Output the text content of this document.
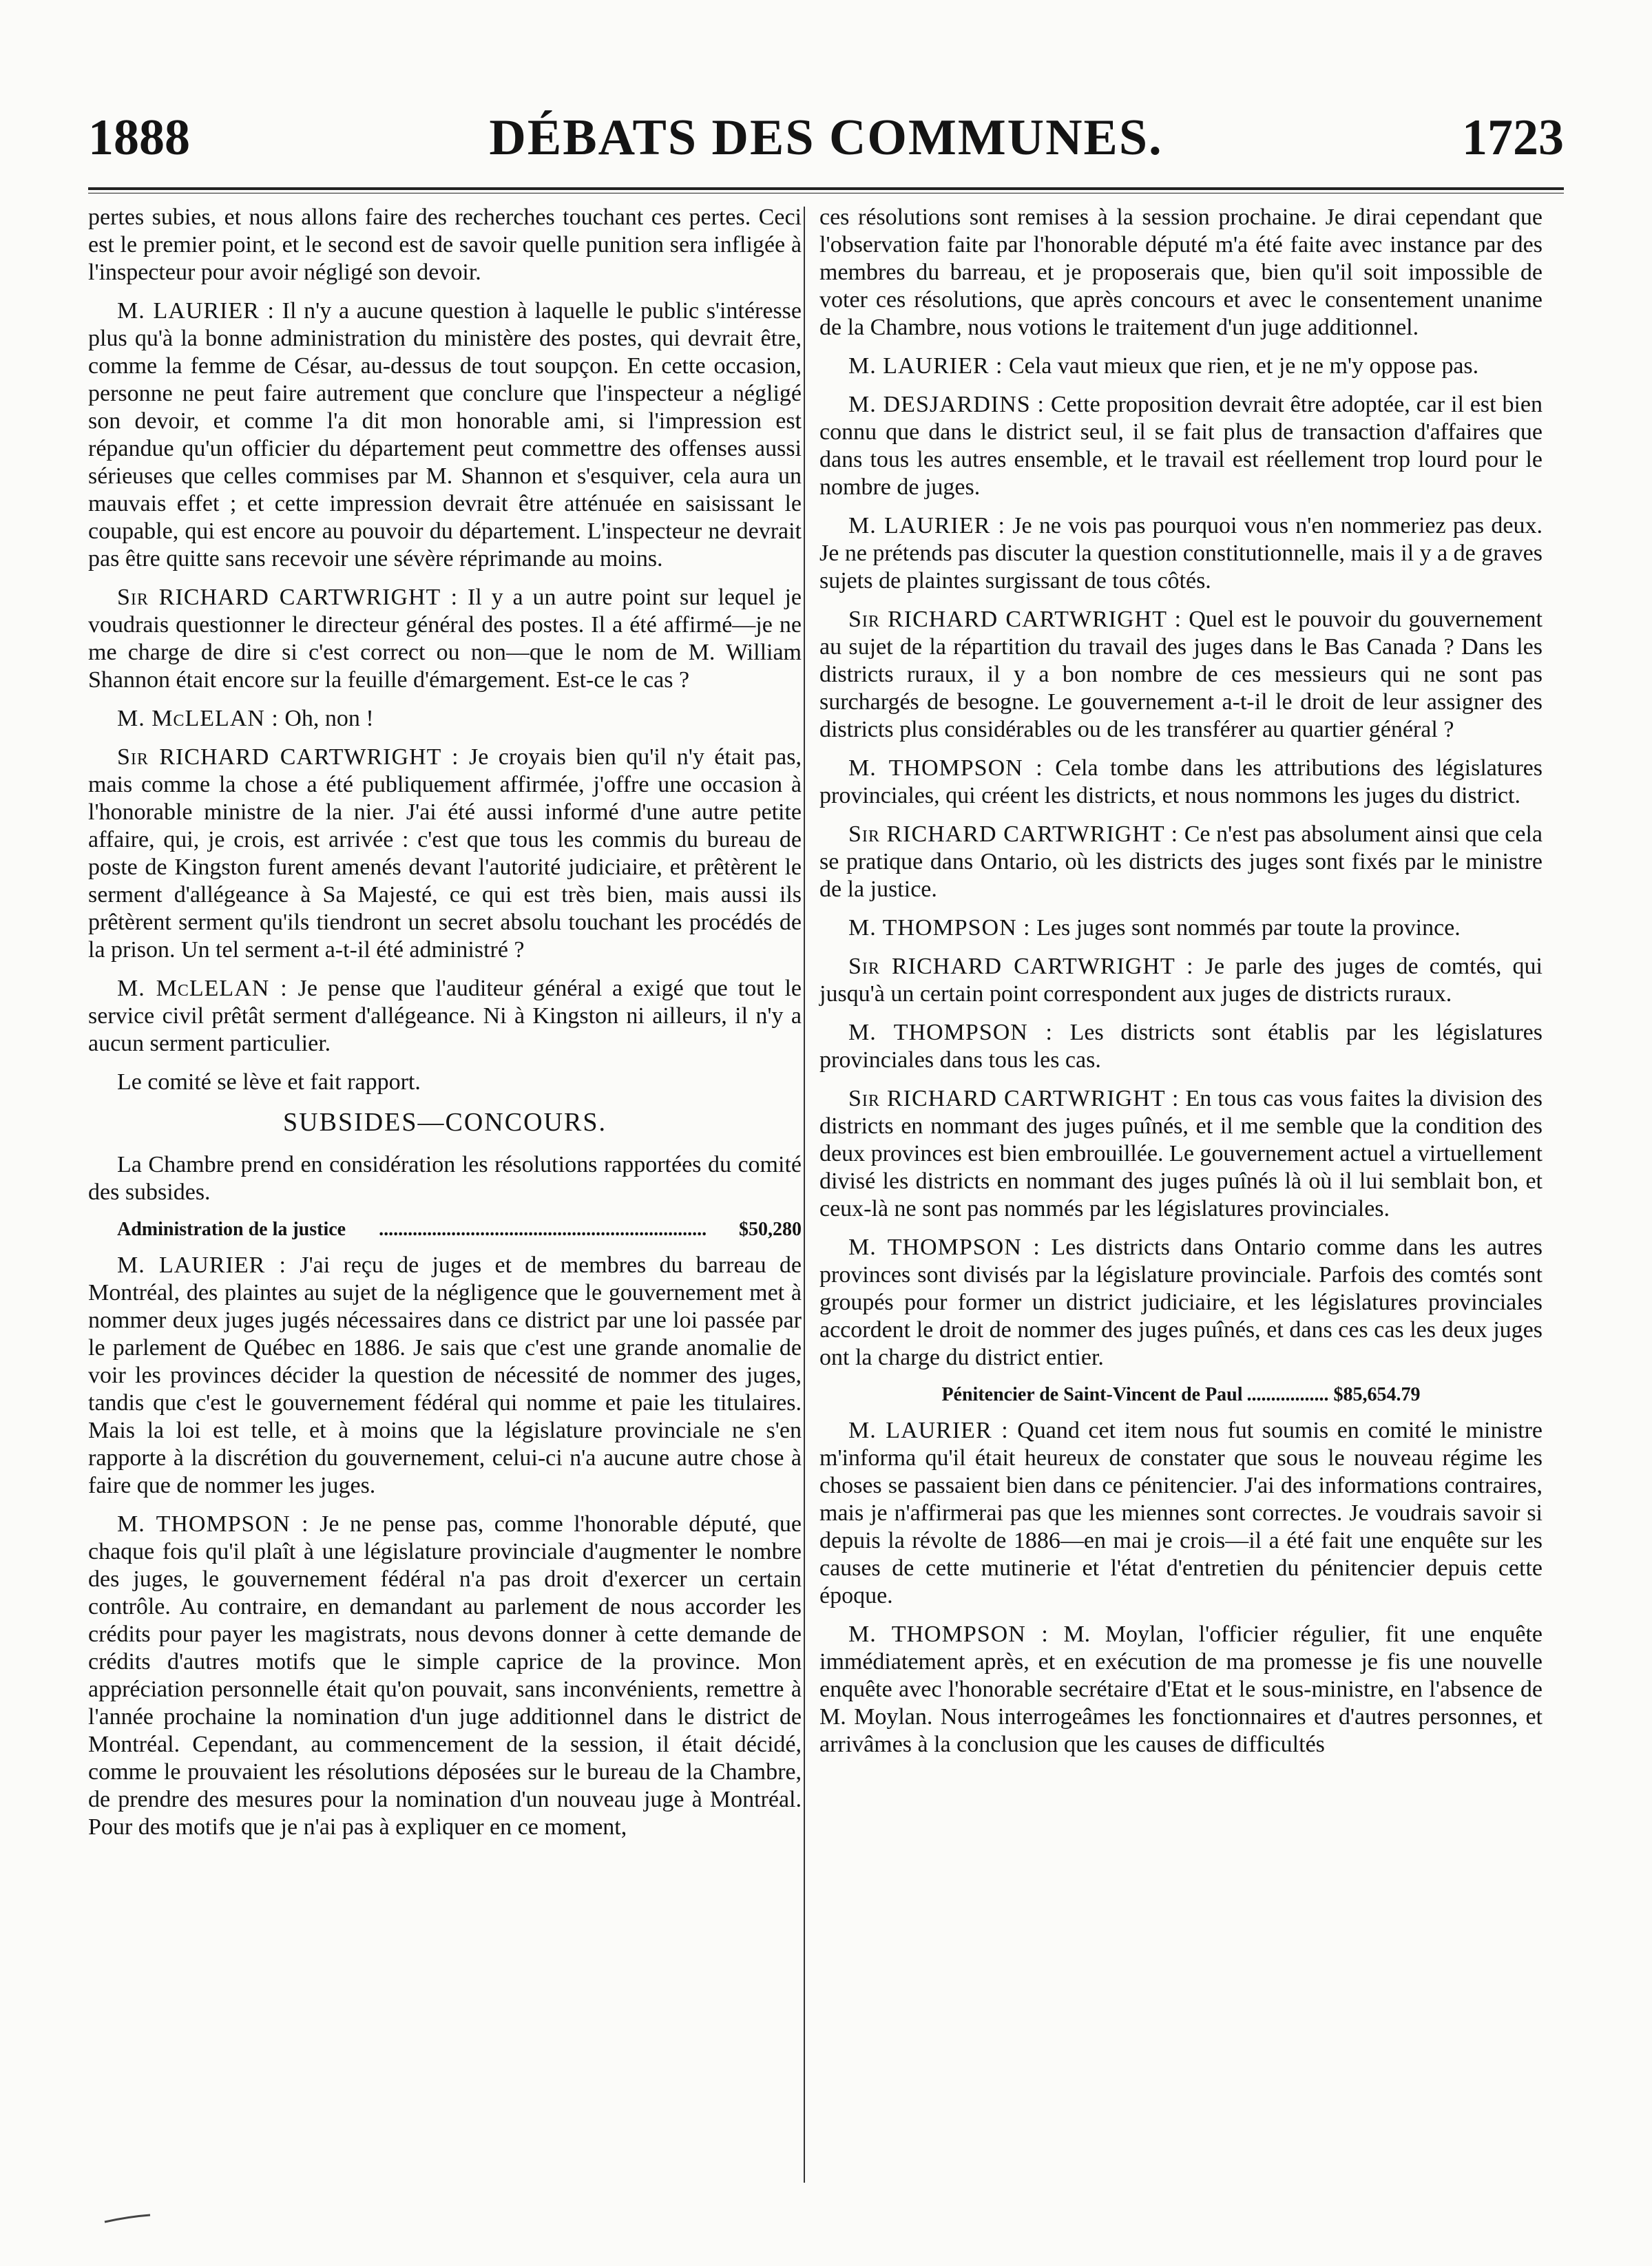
1888	DÉBATS DES COMMUNES.	1723

pertes subies, et nous allons faire des recherches touchant ces pertes. Ceci est le premier point, et le second est de savoir quelle punition sera infligée à l'inspecteur pour avoir négligé son devoir.

M. LAURIER : Il n'y a aucune question à laquelle le public s'intéresse plus qu'à la bonne administration du ministère des postes, qui devrait être, comme la femme de César, au-dessus de tout soupçon. En cette occasion, personne ne peut faire autrement que conclure que l'inspecteur a négligé son devoir, et comme l'a dit mon honorable ami, si l'impression est répandue qu'un officier du département peut commettre des offenses aussi sérieuses que celles commises par M. Shannon et s'esquiver, cela aura un mauvais effet ; et cette impression devrait être atténuée en saisissant le coupable, qui est encore au pouvoir du département. L'inspecteur ne devrait pas être quitte sans recevoir une sévère réprimande au moins.

Sir RICHARD CARTWRIGHT : Il y a un autre point sur lequel je voudrais questionner le directeur général des postes. Il a été affirmé—je ne me charge de dire si c'est correct ou non—que le nom de M. William Shannon était encore sur la feuille d'émargement. Est-ce le cas ?

M. McLELAN : Oh, non !

Sir RICHARD CARTWRIGHT : Je croyais bien qu'il n'y était pas, mais comme la chose a été publiquement affirmée, j'offre une occasion à l'honorable ministre de la nier. J'ai été aussi informé d'une autre petite affaire, qui, je crois, est arrivée : c'est que tous les commis du bureau de poste de Kingston furent amenés devant l'autorité judiciaire, et prêtèrent le serment d'allégeance à Sa Majesté, ce qui est très bien, mais aussi ils prêtèrent serment qu'ils tiendront un secret absolu touchant les procédés de la prison. Un tel serment a-t-il été administré ?

M. McLELAN : Je pense que l'auditeur général a exigé que tout le service civil prêtât serment d'allégeance. Ni à Kingston ni ailleurs, il n'y a aucun serment particulier.

Le comité se lève et fait rapport.

SUBSIDES—CONCOURS.

La Chambre prend en considération les résolutions rapportées du comité des subsides.

Administration de la justice .....	$50,280

M. LAURIER : J'ai reçu de juges et de membres du barreau de Montréal, des plaintes au sujet de la négligence que le gouvernement met à nommer deux juges jugés nécessaires dans ce district par une loi passée par le parlement de Québec en 1886. Je sais que c'est une grande anomalie de voir les provinces décider la question de nécessité de nommer des juges, tandis que c'est le gouvernement fédéral qui nomme et paie les titulaires. Mais la loi est telle, et à moins que la législature provinciale ne s'en rapporte à la discrétion du gouvernement, celui-ci n'a aucune autre chose à faire que de nommer les juges.

M. THOMPSON : Je ne pense pas, comme l'honorable député, que chaque fois qu'il plaît à une législature provinciale d'augmenter le nombre des juges, le gouvernement fédéral n'a pas droit d'exercer un certain contrôle. Au contraire, en demandant au parlement de nous accorder les crédits pour payer les magistrats, nous devons donner à cette demande de crédits d'autres motifs que le simple caprice de la province. Mon appréciation personnelle était qu'on pouvait, sans inconvénients, remettre à l'année prochaine la nomination d'un juge additionnel dans le district de Montréal. Cependant, au commencement de la session, il était décidé, comme le prouvaient les résolutions déposées sur le bureau de la Chambre, de prendre des mesures pour la nomination d'un nouveau juge à Montréal. Pour des motifs que je n'ai pas à expliquer en ce moment,

ces résolutions sont remises à la session prochaine. Je dirai cependant que l'observation faite par l'honorable député m'a été faite avec instance par des membres du barreau, et je proposerais que, bien qu'il soit impossible de voter ces résolutions, que après concours et avec le consentement unanime de la Chambre, nous votions le traitement d'un juge additionnel.

M. LAURIER : Cela vaut mieux que rien, et je ne m'y oppose pas.

M. DESJARDINS : Cette proposition devrait être adoptée, car il est bien connu que dans le district seul, il se fait plus de transaction d'affaires que dans tous les autres ensemble, et le travail est réellement trop lourd pour le nombre de juges.

M. LAURIER : Je ne vois pas pourquoi vous n'en nommeriez pas deux. Je ne prétends pas discuter la question constitutionnelle, mais il y a de graves sujets de plaintes surgissant de tous côtés.

Sir RICHARD CARTWRIGHT : Quel est le pouvoir du gouvernement au sujet de la répartition du travail des juges dans le Bas Canada ? Dans les districts ruraux, il y a bon nombre de ces messieurs qui ne sont pas surchargés de besogne. Le gouvernement a-t-il le droit de leur assigner des districts plus considérables ou de les transférer au quartier général ?

M. THOMPSON : Cela tombe dans les attributions des législatures provinciales, qui créent les districts, et nous nommons les juges du district.

Sir RICHARD CARTWRIGHT : Ce n'est pas absolument ainsi que cela se pratique dans Ontario, où les districts des juges sont fixés par le ministre de la justice.

M. THOMPSON : Les juges sont nommés par toute la province.

Sir RICHARD CARTWRIGHT : Je parle des juges de comtés, qui jusqu'à un certain point correspondent aux juges de districts ruraux.

M. THOMPSON : Les districts sont établis par les législatures provinciales dans tous les cas.

Sir RICHARD CARTWRIGHT : En tous cas vous faites la division des districts en nommant des juges puînés, et il me semble que la condition des deux provinces est bien embrouillée. Le gouvernement actuel a virtuellement divisé les districts en nommant des juges puînés là où il lui semblait bon, et ceux-là ne sont pas nommés par les législatures provinciales.

M. THOMPSON : Les districts dans Ontario comme dans les autres provinces sont divisés par la législature provinciale. Parfois des comtés sont groupés pour former un district judiciaire, et les législatures provinciales accordent le droit de nommer des juges puînés, et dans ces cas les deux juges ont la charge du district entier.

Pénitencier de Saint-Vincent de Paul .....	$85,654.79

M. LAURIER : Quand cet item nous fut soumis en comité le ministre m'informa qu'il était heureux de constater que sous le nouveau régime les choses se passaient bien dans ce pénitencier. J'ai des informations contraires, mais je n'affirmerai pas que les miennes sont correctes. Je voudrais savoir si depuis la révolte de 1886—en mai je crois—il a été fait une enquête sur les causes de cette mutinerie et l'état d'entretien du pénitencier depuis cette époque.

M. THOMPSON : M. Moylan, l'officier régulier, fit une enquête immédiatement après, et en exécution de ma promesse je fis une nouvelle enquête avec l'honorable secrétaire d'Etat et le sous-ministre, en l'absence de M. Moylan. Nous interrogeâmes les fonctionnaires et d'autres personnes, et arrivâmes à la conclusion que les causes de difficultés
